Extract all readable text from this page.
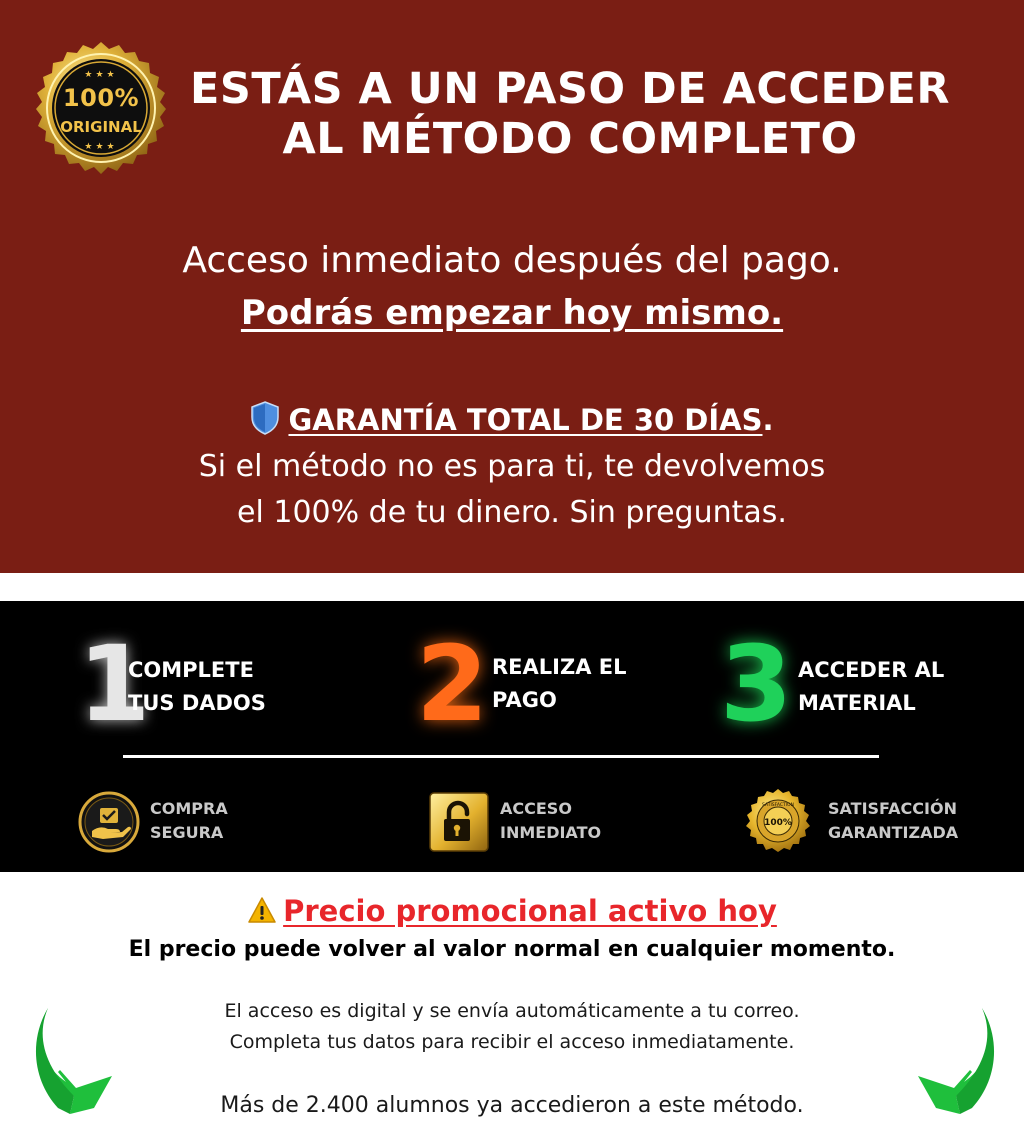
★★★
100%
ORIGINAL
★★★
ESTÁS A UN PASO DE ACCEDER
AL MÉTODO COMPLETO

Acceso inmediato después del pago.

Podrás empezar hoy mismo.

GARANTÍA TOTAL DE 30 DÍAS.

Si el método no es para ti, te devolvemos
el 100% de tu dinero. Sin preguntas.

1
COMPLETE
TUS DADOS 2 REALIZA EL
PAGO	3 ACCEDER AL
MATERIAL
COMPRA
SEGURA
ACCESO
INMEDIATO	100%
SATISFACTION SATISFACCIÓN
GARANTIZADA

Precio promocional activo hoy

El precio puede volver al valor normal en cualquier momento.

El acceso es digital y se envía automáticamente a tu correo.
Completa tus datos para recibir el acceso inmediatamente.

Más de 2.400 alumnos ya accedieron a este método.
